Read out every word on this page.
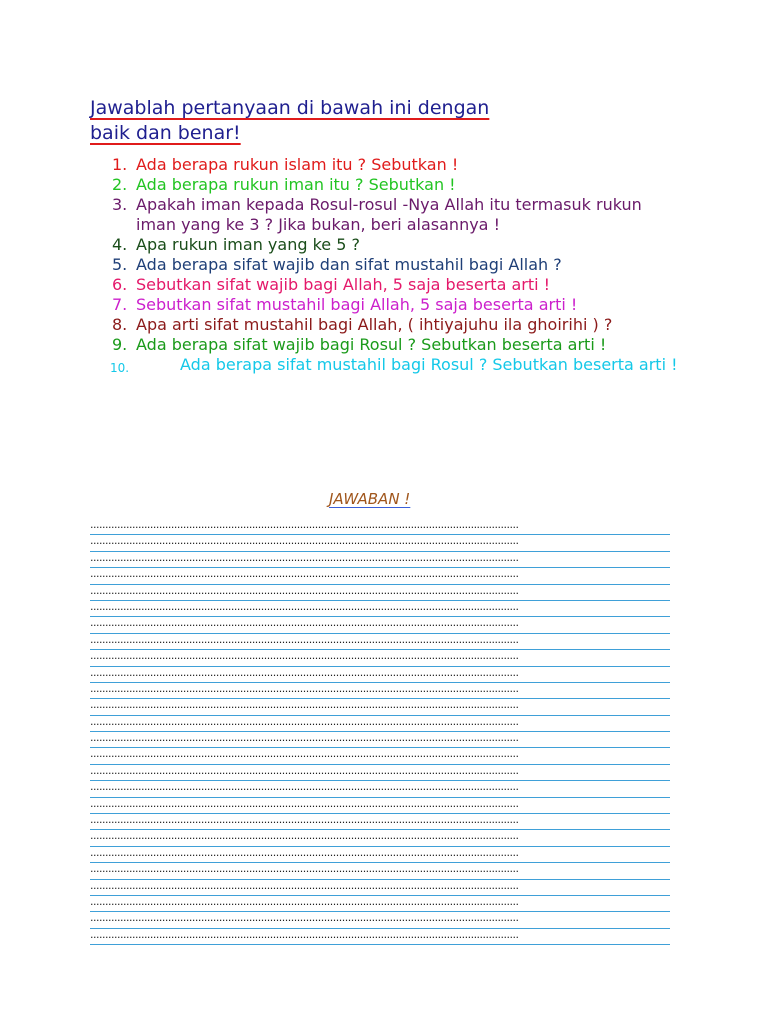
Jawablah pertanyaan di bawah ini dengan
baik dan benar!
1. Ada berapa rukun islam itu ? Sebutkan !
2. Ada berapa rukun iman itu ? Sebutkan !
3. Apakah iman kepada Rosul-rosul -Nya Allah itu termasuk rukun iman yang ke 3 ? Jika bukan, beri alasannya !
4. Apa rukun iman yang ke 5 ?
5. Ada berapa sifat wajib dan sifat mustahil bagi Allah ?
6. Sebutkan sifat wajib bagi Allah, 5 saja beserta arti !
7. Sebutkan sifat mustahil bagi Allah, 5 saja beserta arti !
8. Apa arti sifat mustahil bagi Allah, ( ihtiyajuhu ila ghoirihi ) ?
9. Ada berapa sifat wajib bagi Rosul ? Sebutkan beserta arti !
10.	Ada berapa sifat mustahil bagi Rosul ? Sebutkan beserta arti !
JAWABAN !
...............................................................................................................................................
...............................................................................................................................................
...............................................................................................................................................
...............................................................................................................................................
...............................................................................................................................................
...............................................................................................................................................
...............................................................................................................................................
...............................................................................................................................................
...............................................................................................................................................
...............................................................................................................................................
...............................................................................................................................................
...............................................................................................................................................
...............................................................................................................................................
...............................................................................................................................................
...............................................................................................................................................
...............................................................................................................................................
...............................................................................................................................................
...............................................................................................................................................
...............................................................................................................................................
...............................................................................................................................................
...............................................................................................................................................
...............................................................................................................................................
...............................................................................................................................................
...............................................................................................................................................
...............................................................................................................................................
...............................................................................................................................................
